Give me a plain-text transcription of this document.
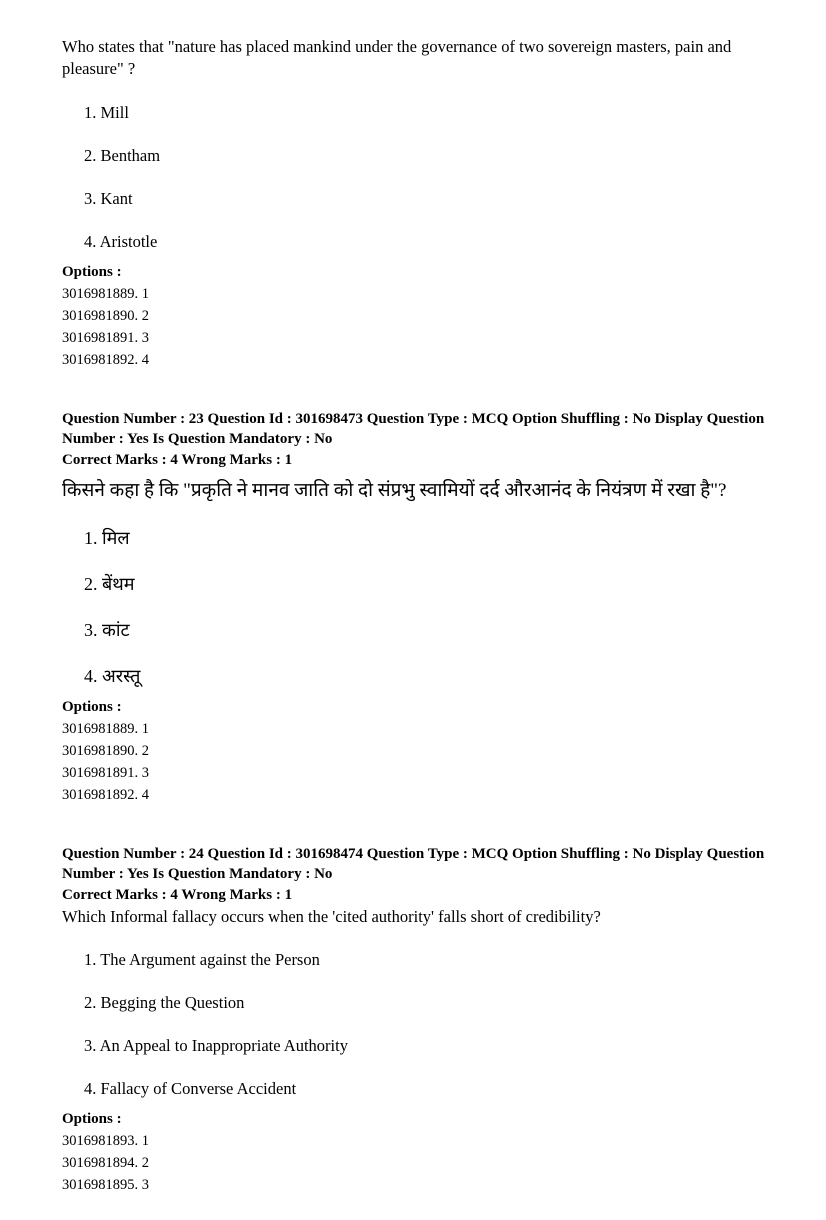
Who states that "nature has placed mankind under the governance of two sovereign masters, pain and pleasure" ?

1. Mill

2. Bentham

3. Kant

4. Aristotle

Options :

3016981889. 1

3016981890. 2

3016981891. 3

3016981892. 4

Question Number : 23 Question Id : 301698473 Question Type : MCQ Option Shuffling : No Display Question Number : Yes Is Question Mandatory : No

Correct Marks : 4 Wrong Marks : 1

किसने कहा है कि "प्रकृति ने मानव जाति को दो संप्रभु स्वामियों दर्द औरआनंद के नियंत्रण में रखा है"?

1. मिल

2. बेंथम

3. कांट

4. अरस्तू

Options :

3016981889. 1

3016981890. 2

3016981891. 3

3016981892. 4

Question Number : 24 Question Id : 301698474 Question Type : MCQ Option Shuffling : No Display Question Number : Yes Is Question Mandatory : No

Correct Marks : 4 Wrong Marks : 1

Which Informal fallacy occurs when the 'cited authority' falls short of credibility?

1. The Argument against the Person

2. Begging the Question

3. An Appeal to Inappropriate Authority

4. Fallacy of Converse Accident

Options :

3016981893. 1

3016981894. 2

3016981895. 3
